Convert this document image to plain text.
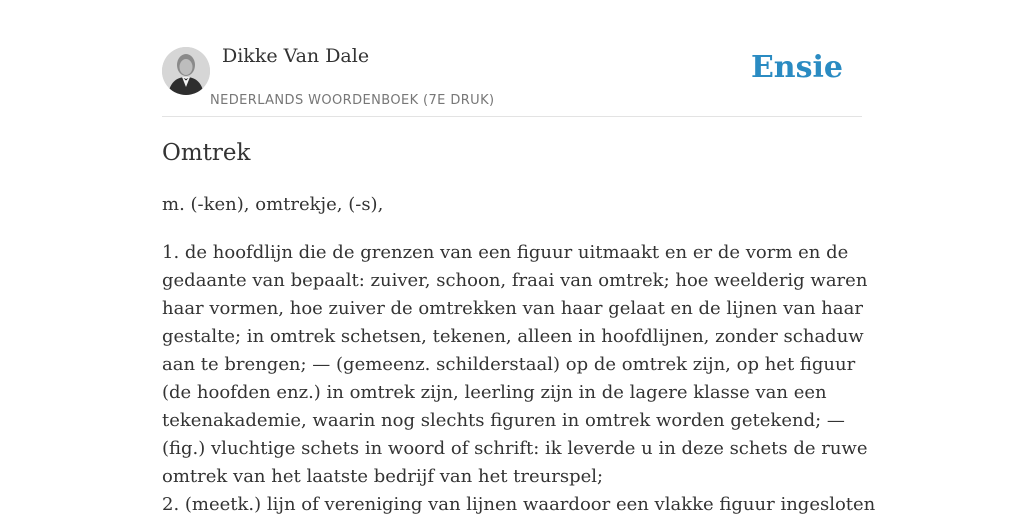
Dikke Van Dale
NEDERLANDS WOORDENBOEK (7E DRUK)
Ensie
Omtrek
m. (-ken), omtrekje, (-s),

1. de hoofdlijn die de grenzen van een figuur uitmaakt en er de vorm en de gedaante van bepaalt: zuiver, schoon, fraai van omtrek; hoe weelderig waren haar vormen, hoe zuiver de omtrekken van haar gelaat en de lijnen van haar gestalte; in omtrek schetsen, tekenen, alleen in hoofdlijnen, zonder schaduw aan te brengen; — (gemeenz. schilderstaal) op de omtrek zijn, op het figuur (de hoofden enz.) in omtrek zijn, leerling zijn in de lagere klasse van een tekenakademie, waarin nog slechts figuren in omtrek worden getekend; — (fig.) vluchtige schets in woord of schrift: ik leverde u in deze schets de ruwe omtrek van het laatste bedrijf van het treurspel;

2. (meetk.) lijn of vereniging van lijnen waardoor een vlakke figuur ingesloten
